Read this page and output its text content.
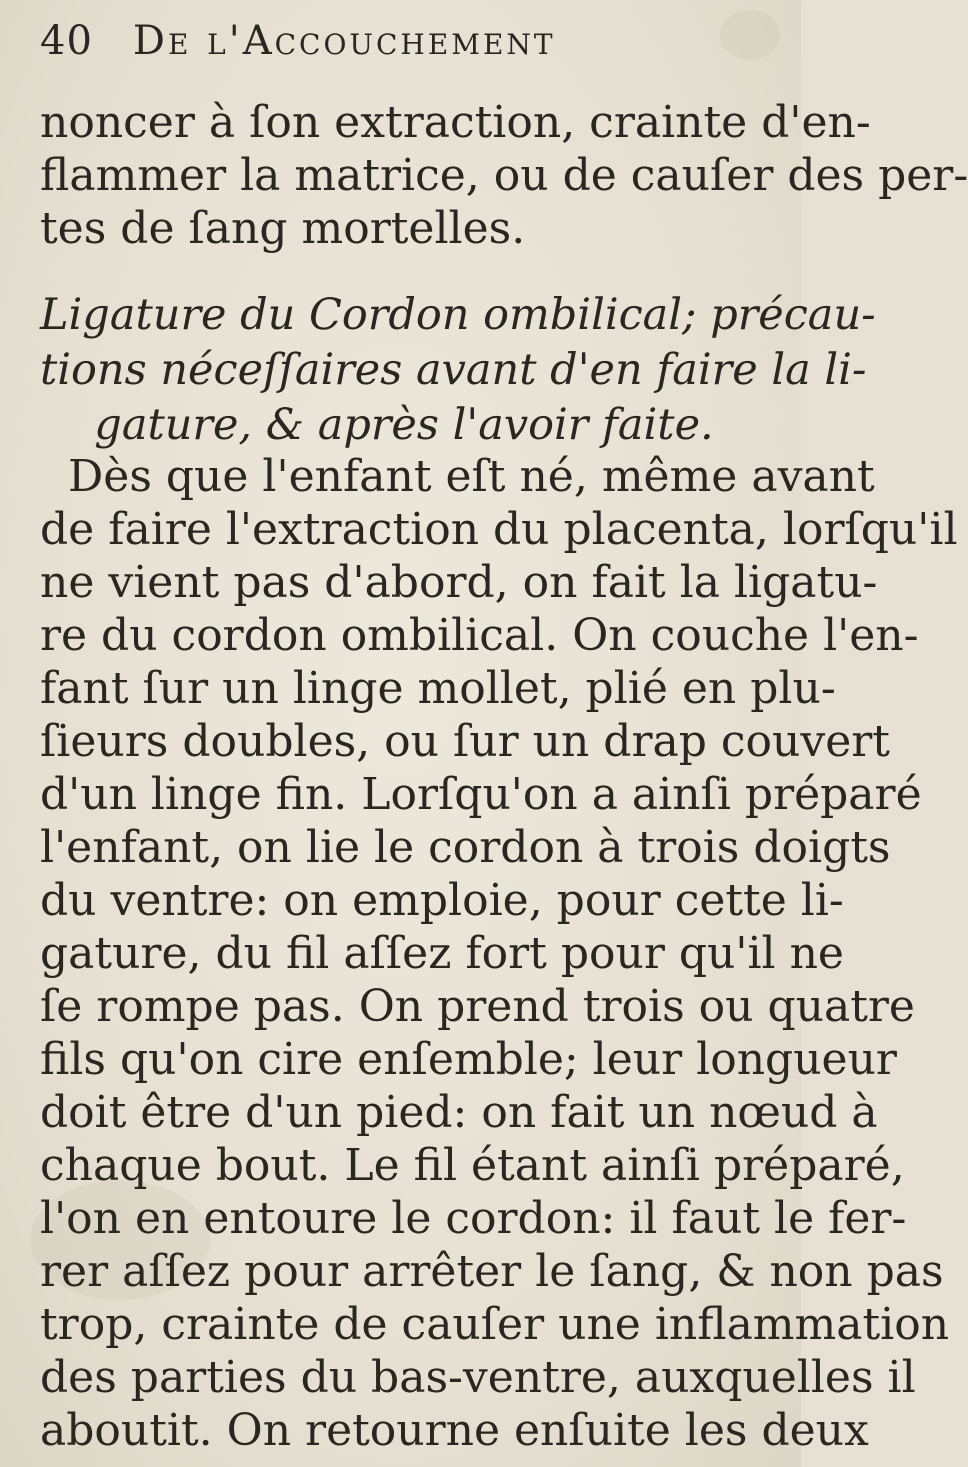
40 De l'Accouchement
noncer à ſon extraction, crainte d'en-
flammer la matrice, ou de cauſer des per-
tes de ſang mortelles.
Ligature du Cordon ombilical; précau-
tions néceſſaires avant d'en faire la li-
gature, & après l'avoir faite.
Dès que l'enfant eſt né, même avant
de faire l'extraction du placenta, lorſqu'il
ne vient pas d'abord, on fait la ligatu-
re du cordon ombilical. On couche l'en-
fant ſur un linge mollet, plié en plu-
ſieurs doubles, ou ſur un drap couvert
d'un linge fin. Lorſqu'on a ainſi préparé
l'enfant, on lie le cordon à trois doigts
du ventre: on emploie, pour cette li-
gature, du fil aſſez fort pour qu'il ne
ſe rompe pas. On prend trois ou quatre
fils qu'on cire enſemble; leur longueur
doit être d'un pied: on fait un nœud à
chaque bout. Le fil étant ainſi préparé,
l'on en entoure le cordon: il faut le fer-
rer aſſez pour arrêter le ſang, & non pas
trop, crainte de cauſer une inflammation
des parties du bas-ventre, auxquelles il
aboutit. On retourne enſuite les deux
